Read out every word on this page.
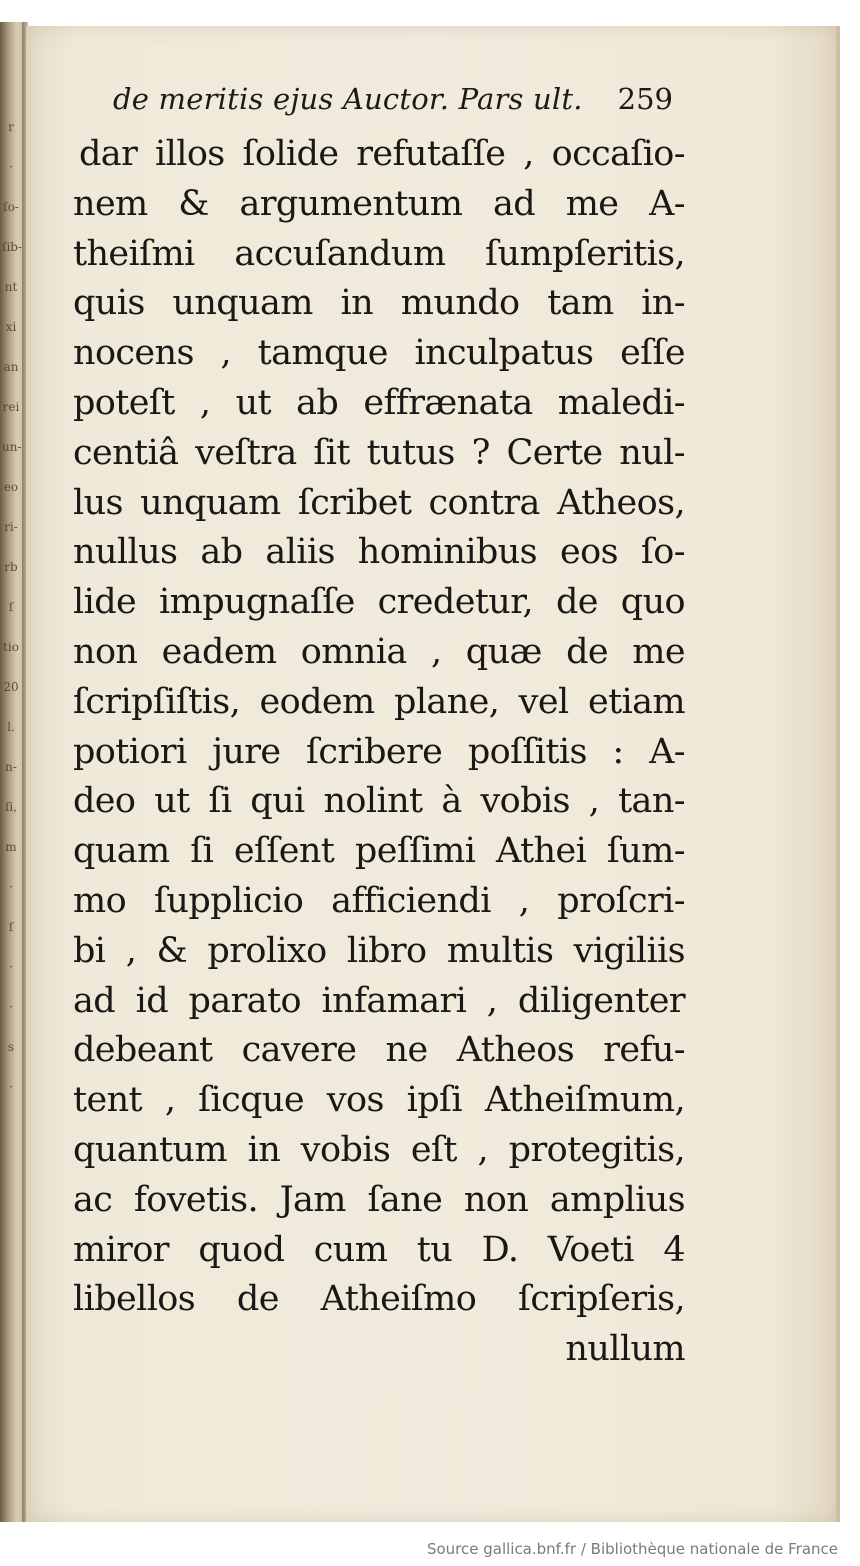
r
·
ſo-
ſib-
nt
xi
an
rei
un-
eo
ri-
rb
ſ
tio
20
l.
n-
ſi,
m
·
ſ
·
·
s
·
de meritis ejus Auctor. Pars ult. 259
dar illos ſolide refutaſſe , occaſio-
nem & argumentum ad me A-
theiſmi accuſandum ſumpſeritis,
quis unquam in mundo tam in-
nocens , tamque inculpatus eſſe
poteſt , ut ab effrænata maledi-
centiâ veſtra ſit tutus ? Certe nul-
lus unquam ſcribet contra Atheos,
nullus ab aliis hominibus eos ſo-
lide impugnaſſe credetur, de quo
non eadem omnia , quæ de me
ſcripſiſtis, eodem plane, vel etiam
potiori jure ſcribere poſſitis : A-
deo ut ſi qui nolint à vobis , tan-
quam ſi eſſent peſſimi Athei ſum-
mo ſupplicio afficiendi , proſcri-
bi , & prolixo libro multis vigiliis
ad id parato infamari , diligenter
debeant cavere ne Atheos refu-
tent , ſicque vos ipſi Atheiſmum,
quantum in vobis eſt , protegitis,
ac fovetis. Jam ſane non amplius
miror quod cum tu D. Voeti 4
libellos de Atheiſmo ſcripſeris,
nullum
Source gallica.bnf.fr / Bibliothèque nationale de France
